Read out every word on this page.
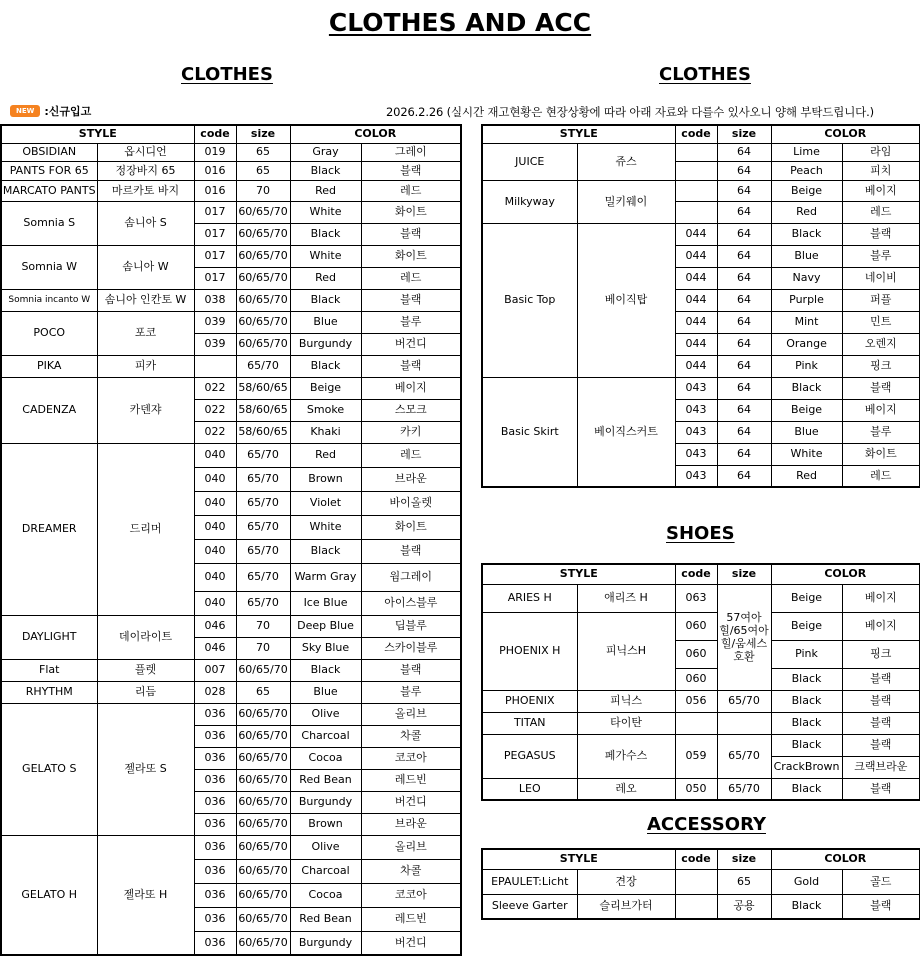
CLOTHES AND ACC
CLOTHES	CLOTHES
SHOES
ACCESSORY
NEW :신규입고	2026.2.26 (실시간 재고현황은 현장상황에 따라 아래 자료와 다를수 있사오니 양해 부탁드립니다.)
STYLE		code	size	COLOR	
OBSIDIAN	옵시디언	019	65	Gray	그레이
PANTS FOR 65	정장바지 65	016	65	Black	블랙
MARCATO PANTS	마르카토 바지	016	70	Red	레드
Somnia S	솜니아 S	017	60/65/70	White	화이트
		017	60/65/70	Black	블랙
Somnia W	솜니아 W	017	60/65/70	White	화이트
		017	60/65/70	Red	레드
Somnia incanto W	솜니아 인칸토 W	038	60/65/70	Black	블랙
POCO	포코	039	60/65/70	Blue	블루
		039	60/65/70	Burgundy	버건디
PIKA	피카		65/70	Black	블랙
CADENZA	카덴쟈	022	58/60/65	Beige	베이지
		022	58/60/65	Smoke	스모크
		022	58/60/65	Khaki	카키
DREAMER	드리머	040	65/70	Red	레드
		040	65/70	Brown	브라운
		040	65/70	Violet	바이올렛
		040	65/70	White	화이트
		040	65/70	Black	블랙
		040	65/70	Warm Gray	웜그레이
		040	65/70	Ice Blue	아이스블루
DAYLIGHT	데이라이트	046	70	Deep Blue	딥블루
		046	70	Sky Blue	스카이블루
Flat	플렛	007	60/65/70	Black	블랙
RHYTHM	리듬	028	65	Blue	블루
GELATO S	젤라또 S	036	60/65/70	Olive	올리브
		036	60/65/70	Charcoal	차콜
		036	60/65/70	Cocoa	코코아
		036	60/65/70	Red Bean	레드빈
		036	60/65/70	Burgundy	버건디
		036	60/65/70	Brown	브라운
GELATO H	젤라또 H	036	60/65/70	Olive	올리브
		036	60/65/70	Charcoal	차콜
		036	60/65/70	Cocoa	코코아
		036	60/65/70	Red Bean	레드빈
		036	60/65/70	Burgundy	버건디
STYLE		code	size	COLOR	
JUICE	쥬스		64	Lime	라임
			64	Peach	피치
Milkyway	밀키웨이		64	Beige	베이지
			64	Red	레드
Basic Top	베이직탑	044	64	Black	블랙
		044	64	Blue	블루
		044	64	Navy	네이비
		044	64	Purple	퍼플
		044	64	Mint	민트
		044	64	Orange	오렌지
		044	64	Pink	핑크
Basic Skirt	베이직스커트	043	64	Black	블랙
		043	64	Beige	베이지
		043	64	Blue	블루
		043	64	White	화이트
		043	64	Red	레드
STYLE		code	size	COLOR	
ARIES H	애리즈 H	063	57여아힐/65여아힐/움세스호환	Beige	베이지
PHOENIX H	피닉스H	060		Beige	베이지
		060		Pink	핑크
		060		Black	블랙
PHOENIX	피닉스	056	65/70	Black	블랙
TITAN	타이탄			Black	블랙
PEGASUS	페가수스	059	65/70	Black	블랙
				CrackBrown	크랙브라운
LEO	레오	050	65/70	Black	블랙
STYLE		code	size	COLOR	
EPAULET:Licht	견장		65	Gold	골드
Sleeve Garter	슬리브가터		공용	Black	블랙
